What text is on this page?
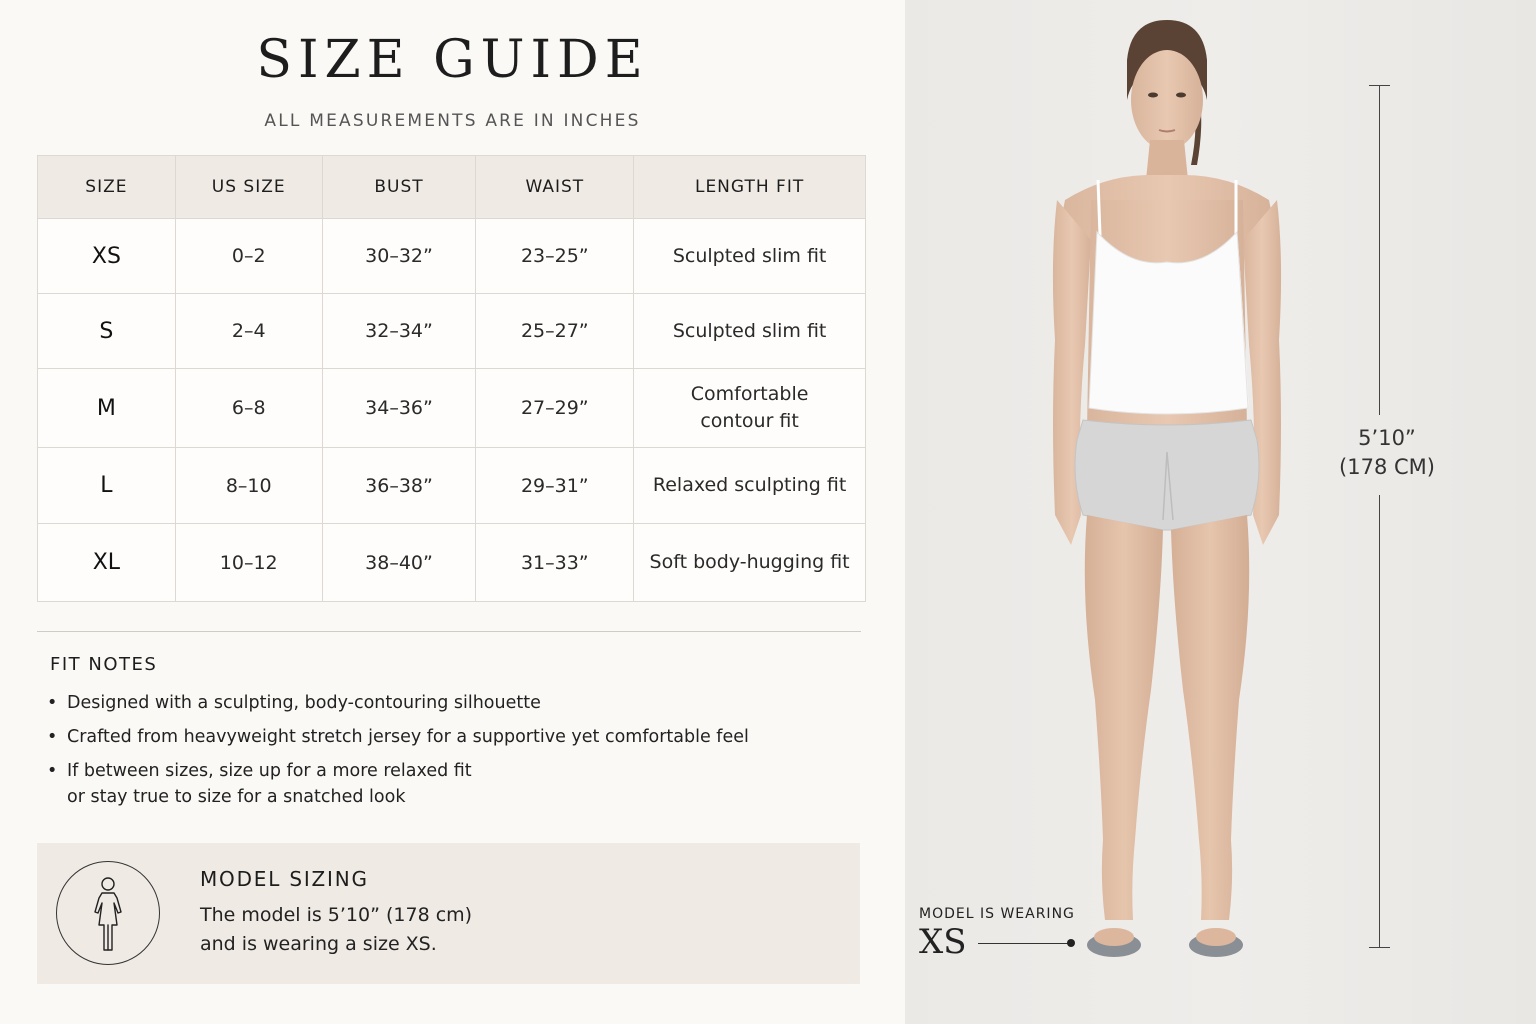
SIZE GUIDE
ALL MEASUREMENTS ARE IN INCHES
SIZE	US SIZE	BUST	WAIST	LENGTH FIT
XS	0–2	30–32”	23–25”	Sculpted slim fit
S	2–4	32–34”	25–27”	Sculpted slim fit
M	6–8	34–36”	27–29”	Comfortable
contour fit
L	8–10	36–38”	29–31”	Relaxed sculpting fit
XL	10–12	38–40”	31–33”	Soft body-hugging fit
FIT NOTES
• Designed with a sculpting, body-contouring silhouette
• Crafted from heavyweight stretch jersey for a supportive yet comfortable feel
• If between sizes, size up for a more relaxed fit
or stay true to size for a snatched look
MODEL SIZING
The model is 5’10” (178 cm)
and is wearing a size XS.
5’10”
(178 CM)
MODEL IS WEARING
XS
